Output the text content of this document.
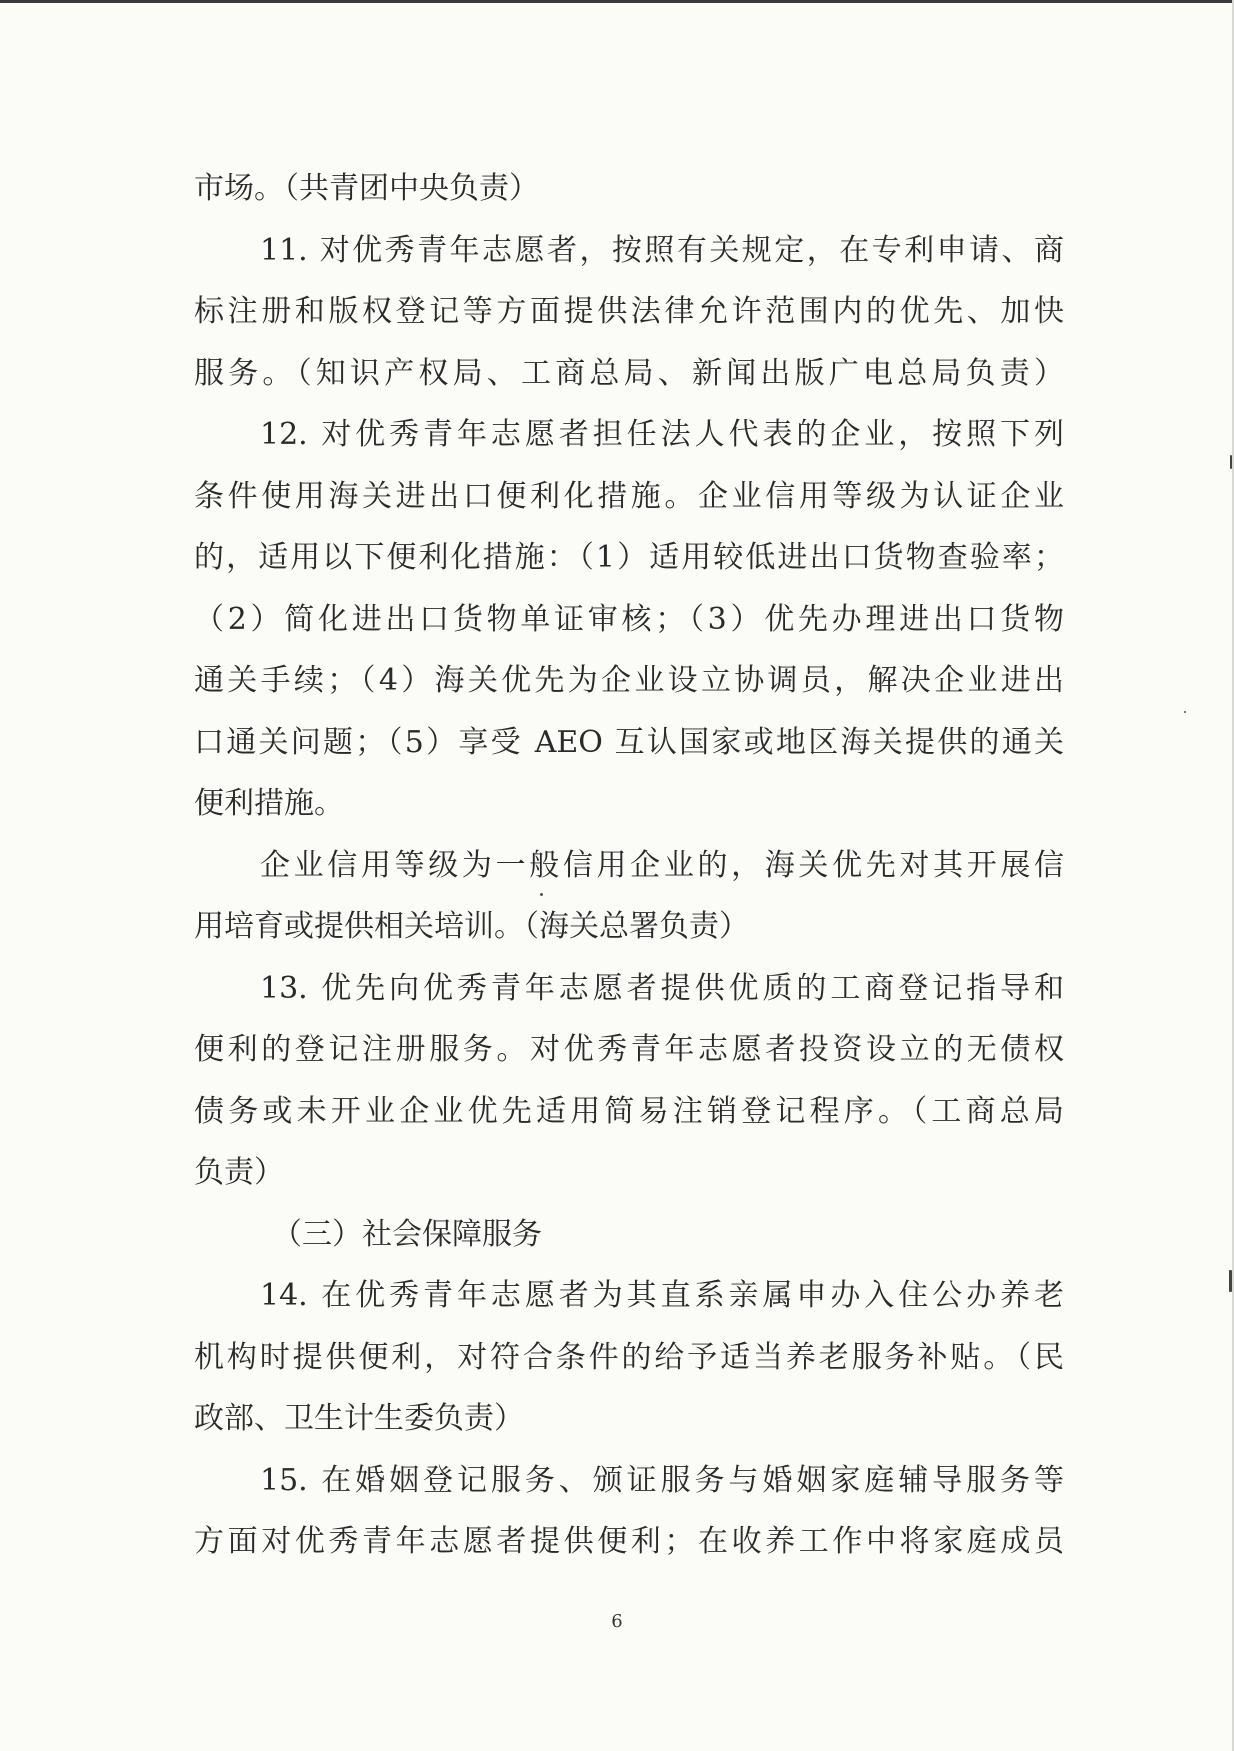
市场。（共青团中央负责）
11. 对优秀青年志愿者，按照有关规定，在专利申请、商
标注册和版权登记等方面提供法律允许范围内的优先、加快
服务。（知识产权局、工商总局、新闻出版广电总局负责）
12. 对优秀青年志愿者担任法人代表的企业，按照下列
条件使用海关进出口便利化措施。企业信用等级为认证企业
的，适用以下便利化措施：（1）适用较低进出口货物查验率；
（2）简化进出口货物单证审核；（3）优先办理进出口货物
通关手续；（4）海关优先为企业设立协调员，解决企业进出
口通关问题；（5）享受 AEO 互认国家或地区海关提供的通关
便利措施。
企业信用等级为一般信用企业的，海关优先对其开展信
用培育或提供相关培训。（海关总署负责）
13. 优先向优秀青年志愿者提供优质的工商登记指导和
便利的登记注册服务。对优秀青年志愿者投资设立的无债权
债务或未开业企业优先适用简易注销登记程序。（工商总局
负责）
（三）社会保障服务
14. 在优秀青年志愿者为其直系亲属申办入住公办养老
机构时提供便利，对符合条件的给予适当养老服务补贴。（民
政部、卫生计生委负责）
15. 在婚姻登记服务、颁证服务与婚姻家庭辅导服务等
方面对优秀青年志愿者提供便利；在收养工作中将家庭成员
6
